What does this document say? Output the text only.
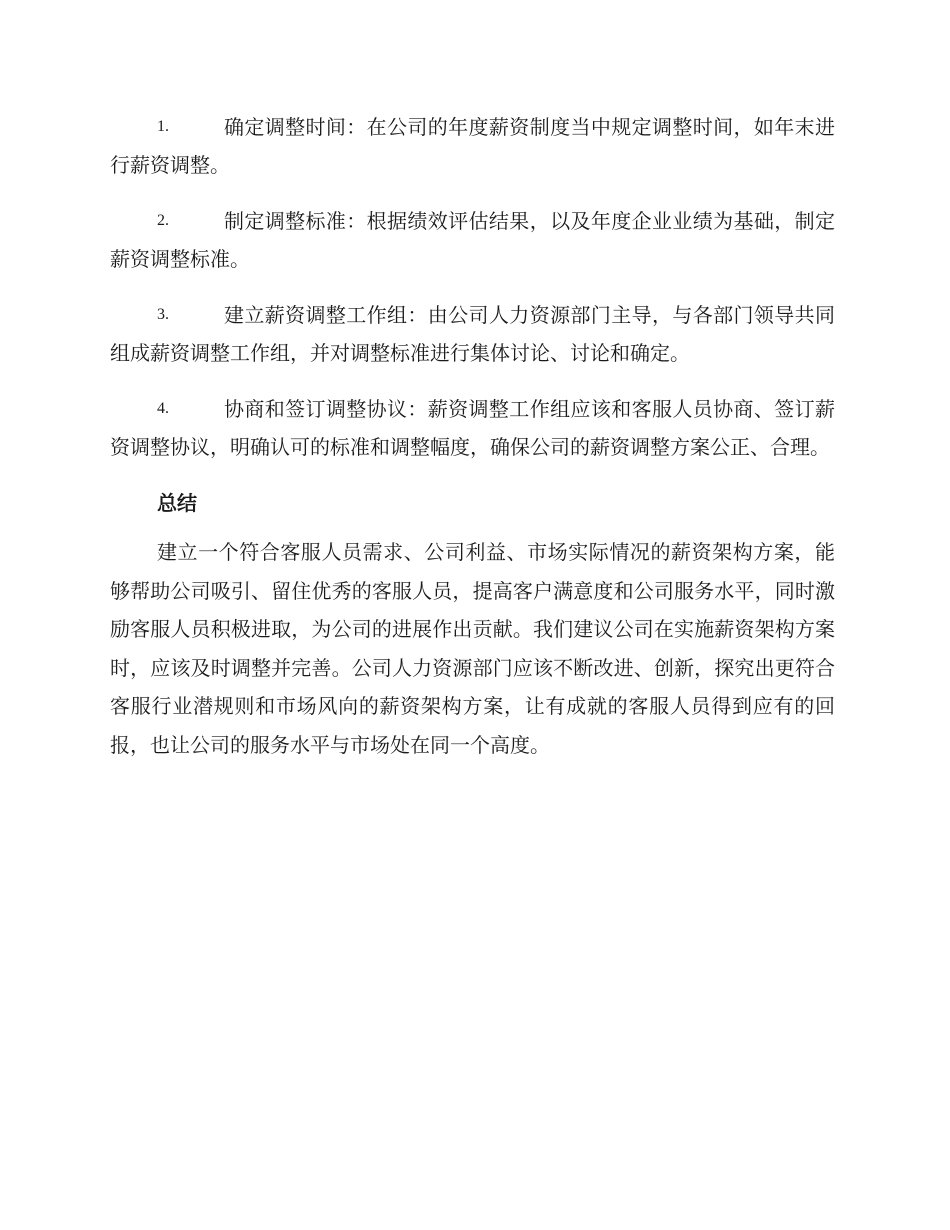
1.	确定调整时间：在公司的年度薪资制度当中规定调整时间，如年末进行薪资调整。

2.	制定调整标准：根据绩效评估结果，以及年度企业业绩为基础，制定薪资调整标准。

3.	建立薪资调整工作组：由公司人力资源部门主导，与各部门领导共同组成薪资调整工作组，并对调整标准进行集体讨论、讨论和确定。

4.	协商和签订调整协议：薪资调整工作组应该和客服人员协商、签订薪资调整协议，明确认可的标准和调整幅度，确保公司的薪资调整方案公正、合理。

总结

建立一个符合客服人员需求、公司利益、市场实际情况的薪资架构方案，能够帮助公司吸引、留住优秀的客服人员，提高客户满意度和公司服务水平，同时激励客服人员积极进取，为公司的进展作出贡献。我们建议公司在实施薪资架构方案时，应该及时调整并完善。公司人力资源部门应该不断改进、创新，探究出更符合客服行业潜规则和市场风向的薪资架构方案，让有成就的客服人员得到应有的回报，也让公司的服务水平与市场处在同一个高度。
